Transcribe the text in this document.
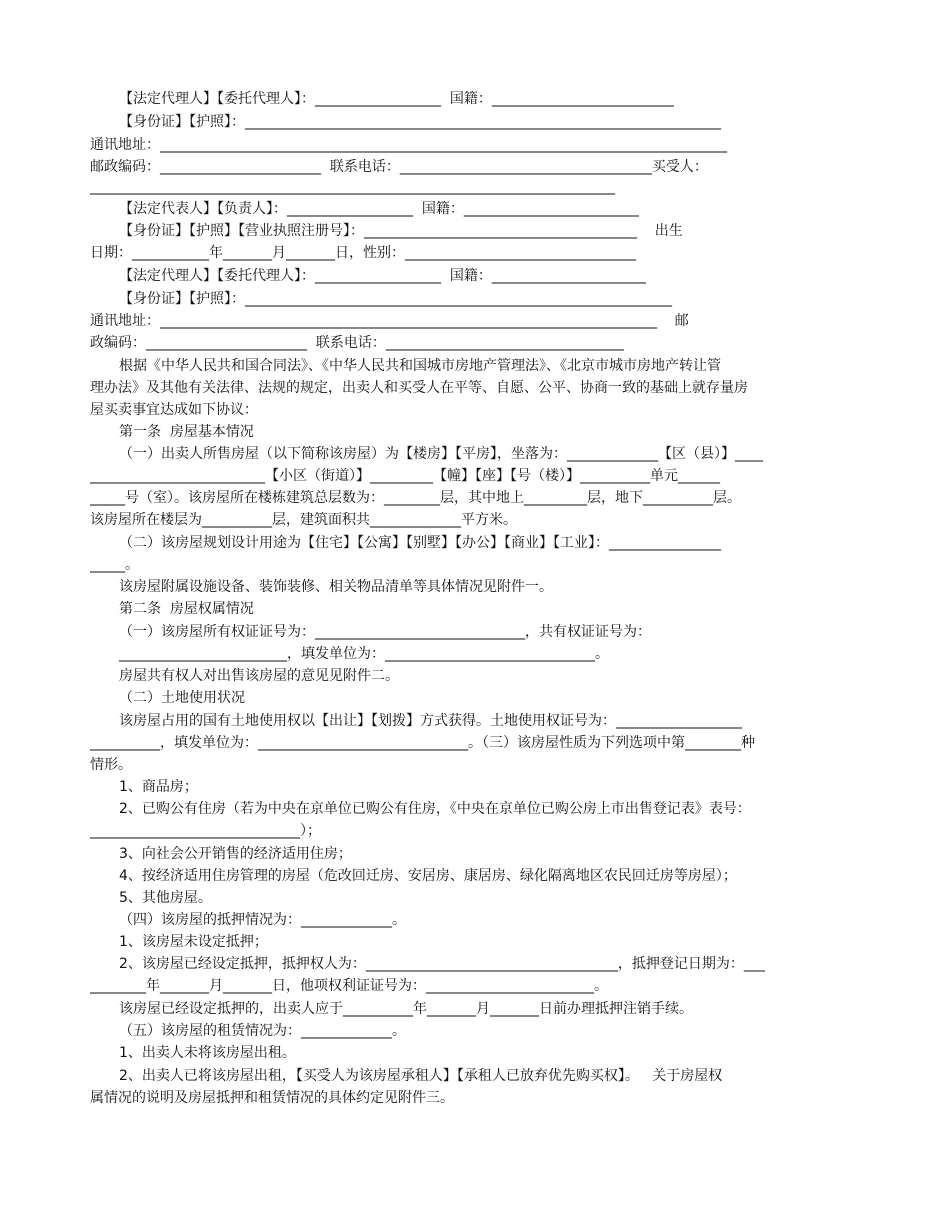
【法定代理人】【委托代理人】：__________________  国籍：__________________________
【身份证】【护照】：____________________________________________________________________
通讯地址：_________________________________________________________________________________
邮政编码：_______________________  联系电话：____________________________________买受人：
___________________________________________________________________________
【法定代表人】【负责人】：__________________  国籍：_________________________
【身份证】【护照】【营业执照注册号】：_______________________________________    出生
日期：___________年_______月_______日，性别：_________________________________
【法定代理人】【委托代理人】：__________________  国籍：______________________
【身份证】【护照】：_____________________________________________________________
通讯地址：_______________________________________________________________________    邮
政编码：_______________________  联系电话：__________________________________
根据《中华人民共和国合同法》、《中华人民共和国城市房地产管理法》、《北京市城市房地产转让管
理办法》及其他有关法律、法规的规定，出卖人和买受人在平等、自愿、公平、协商一致的基础上就存量房
屋买卖事宜达成如下协议：
第一条  房屋基本情况
（一）出卖人所售房屋（以下简称该房屋）为【楼房】【平房】，坐落为：_____________【区（县）】____
_________________________【小区（街道）】_________【幢】【座】【号（楼）】__________单元______
_____号（室）。该房屋所在楼栋建筑总层数为：________层，其中地上_________层，地下__________层。
该房屋所在楼层为__________层，建筑面积共_____________平方米。
（二）该房屋规划设计用途为【住宅】【公寓】【别墅】【办公】【商业】【工业】：________________
_____。
该房屋附属设施设备、装饰装修、相关物品清单等具体情况见附件一。
第二条  房屋权属情况
（一）该房屋所有权证证号为：______________________________，共有权证证号为：
________________________，填发单位为：______________________________。
房屋共有权人对出售该房屋的意见见附件二。
（二）土地使用状况
该房屋占用的国有土地使用权以【出让】【划拨】方式获得。土地使用权证号为：__________________
__________，填发单位为：______________________________。（三）该房屋性质为下列选项中第________种
情形。
1、商品房；
2、已购公有住房（若为中央在京单位已购公有住房，《中央在京单位已购公房上市出售登记表》表号：
______________________________）；
3、向社会公开销售的经济适用住房；
4、按经济适用住房管理的房屋（危改回迁房、安居房、康居房、绿化隔离地区农民回迁房等房屋）；
5、其他房屋。
（四）该房屋的抵押情况为：_____________。
1、该房屋未设定抵押；
2、该房屋已经设定抵押，抵押权人为：____________________________________，抵押登记日期为：___
________年_______月_______日，他项权利证证号为：________________________。
该房屋已经设定抵押的，出卖人应于__________年_______月_______日前办理抵押注销手续。
（五）该房屋的租赁情况为：_____________。
1、出卖人未将该房屋出租。
2、出卖人已将该房屋出租，【买受人为该房屋承租人】【承租人已放弃优先购买权】。   关于房屋权
属情况的说明及房屋抵押和租赁情况的具体约定见附件三。
